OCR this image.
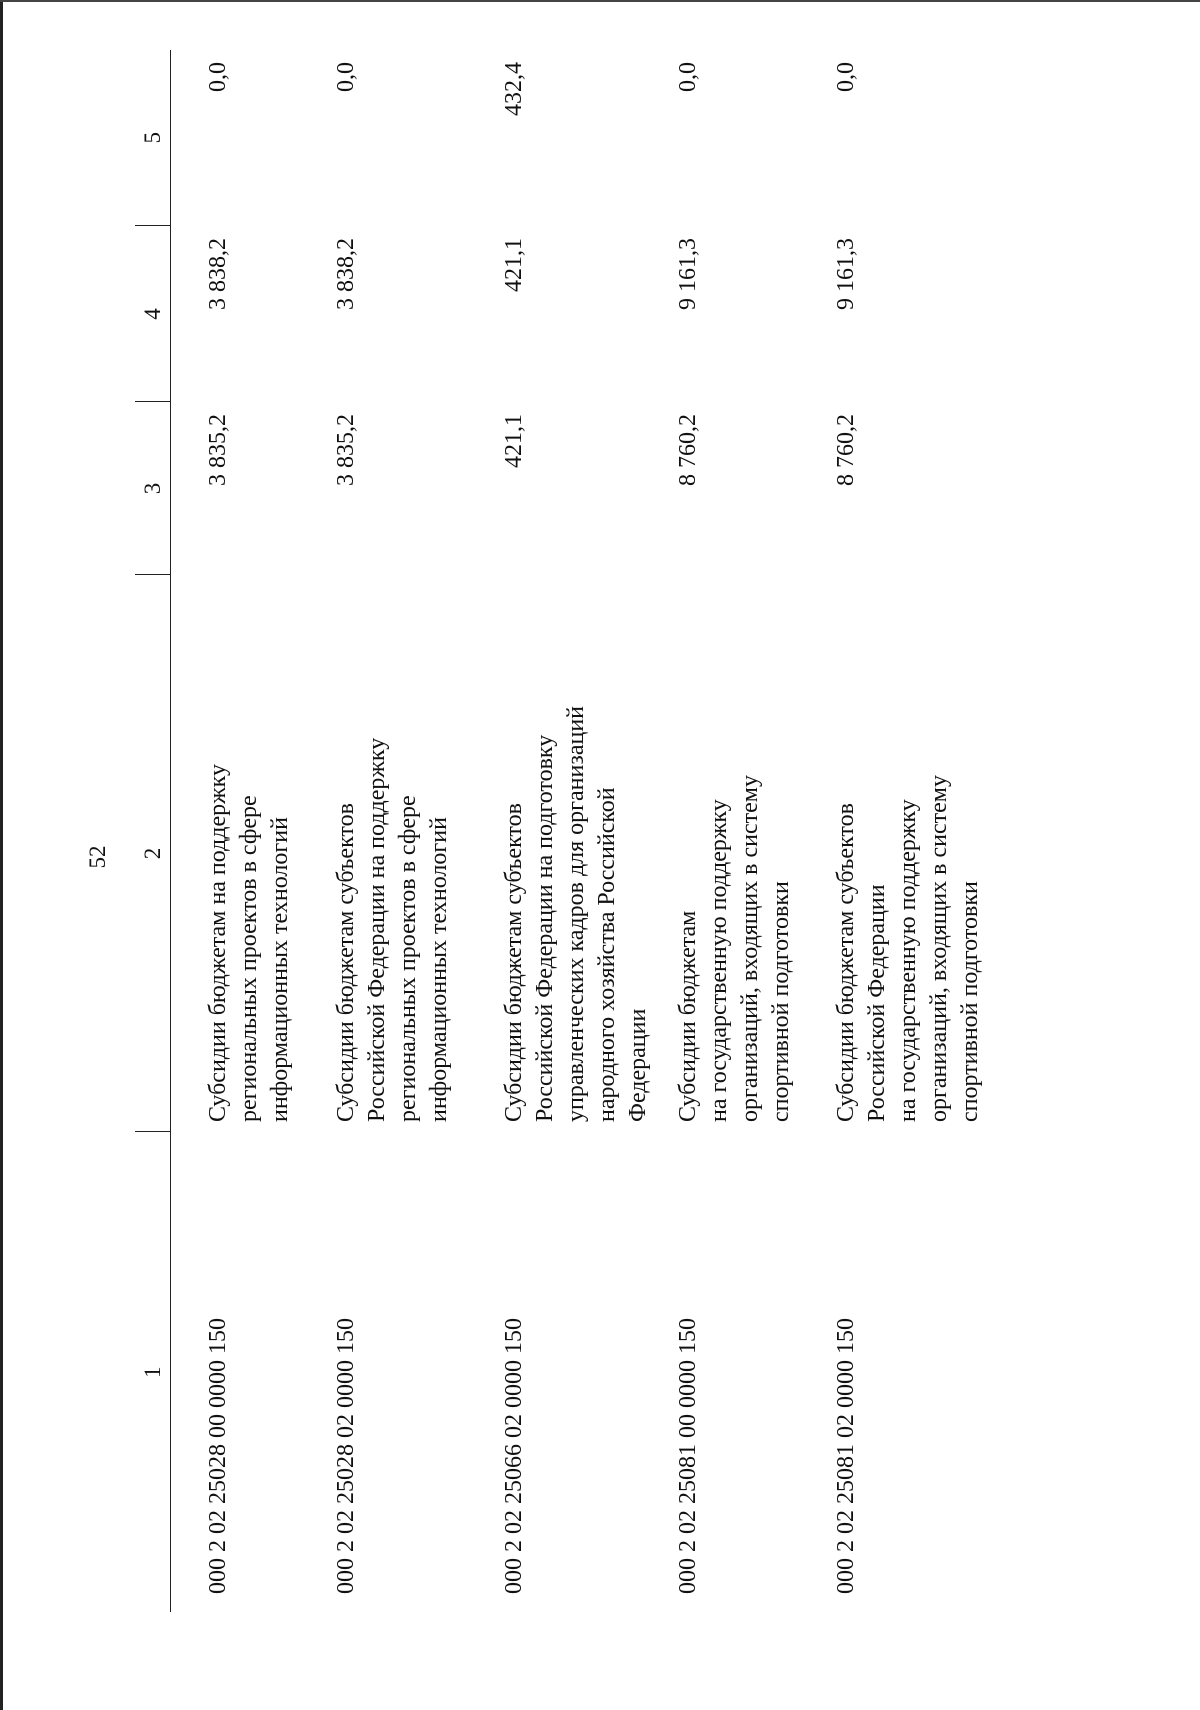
52
1	2	3	4	5
000 2 02 25028 00 0000 150	Субсидии бюджетам на поддержку региональных проектов в сфере информационных технологий	3 835,2	3 838,2	0,0
000 2 02 25028 02 0000 150	Субсидии бюджетам субъектов Российской Федерации на поддержку региональных проектов в сфере информационных технологий	3 835,2	3 838,2	0,0
000 2 02 25066 02 0000 150	Субсидии бюджетам субъектов Российской Федерации на подготовку управленческих кадров для организаций народного хозяйства Российской Федерации	421,1	421,1	432,4
000 2 02 25081 00 0000 150	Субсидии бюджетам на государственную поддержку организаций, входящих в систему спортивной подготовки	8 760,2	9 161,3	0,0
000 2 02 25081 02 0000 150	Субсидии бюджетам субъектов Российской Федерации на государственную поддержку организаций, входящих в систему спортивной подготовки	8 760,2	9 161,3	0,0
